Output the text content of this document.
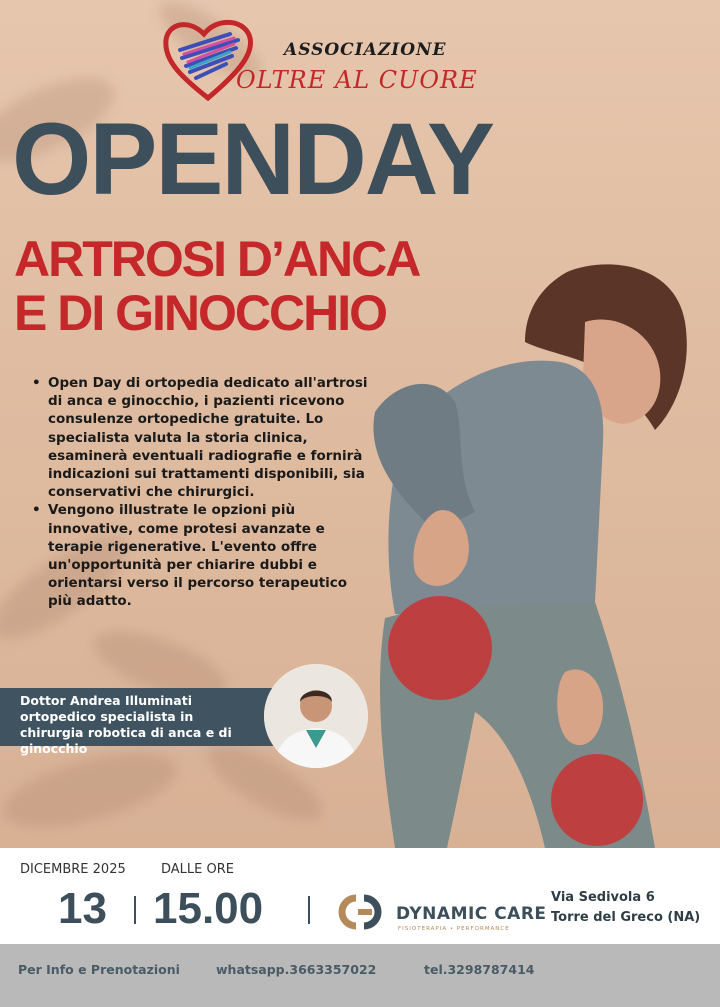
ASSOCIAZIONE
OLTRE AL CUORE
OPENDAY
ARTROSI D’ANCA
E DI GINOCCHIO
• Open Day di ortopedia dedicato all'artrosi di anca e ginocchio, i pazienti ricevono consulenze ortopediche gratuite. Lo specialista valuta la storia clinica, esaminerà eventuali radiografie e fornirà indicazioni sui trattamenti disponibili, sia conservativi che chirurgici.
• Vengono illustrate le opzioni più innovative, come protesi avanzate e terapie rigenerative. L'evento offre un'opportunità per chiarire dubbi e orientarsi verso il percorso terapeutico più adatto.
Dottor Andrea Illuminati ortopedico specialista in chirurgia robotica di anca e di ginocchio
DICEMBRE 2025	DALLE ORE
13 15.00	DYNAMIC CARE
FISIOTERAPIA • PERFORMANCE
Via Sedivola 6
Torre del Greco (NA)
Per Info e Prenotazioni	whatsapp.3663357022	tel.3298787414
